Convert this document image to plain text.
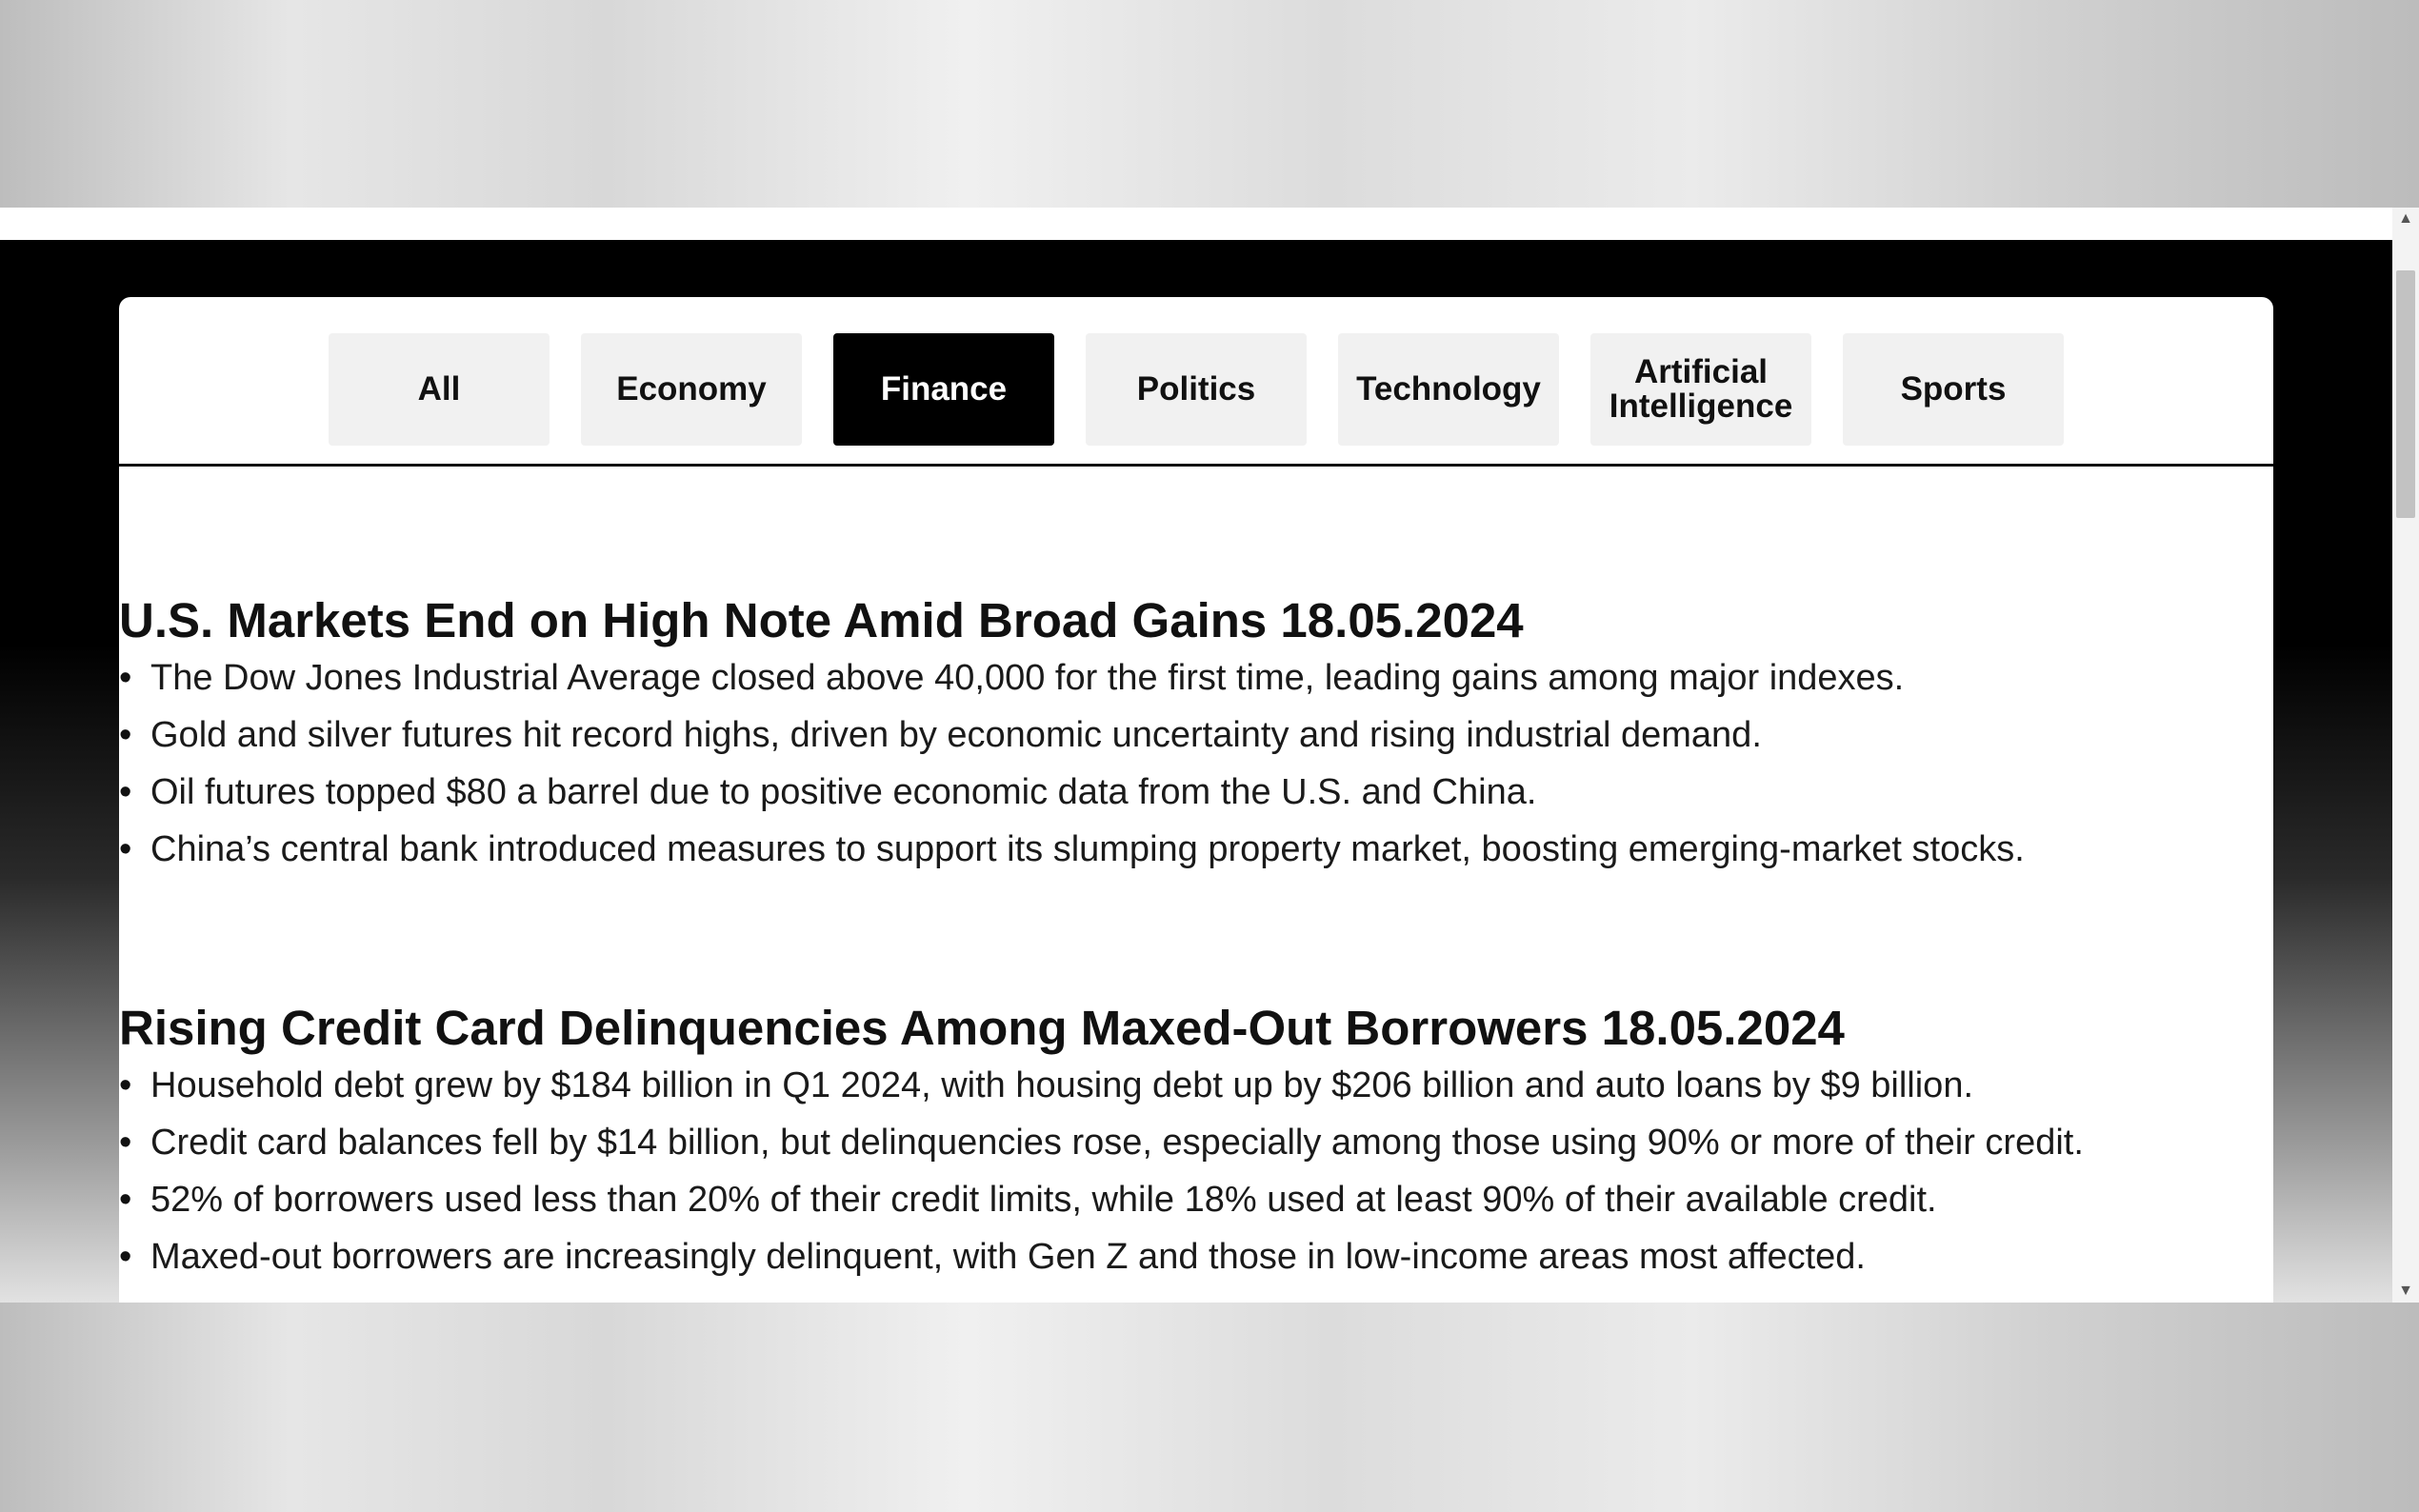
All	Economy	Finance	Politics	Technology	Artificial Intelligence	Sports
U.S. Markets End on High Note Amid Broad Gains 18.05.2024
• The Dow Jones Industrial Average closed above 40,000 for the first time, leading gains among major indexes.
• Gold and silver futures hit record highs, driven by economic uncertainty and rising industrial demand.
• Oil futures topped $80 a barrel due to positive economic data from the U.S. and China.
• China’s central bank introduced measures to support its slumping property market, boosting emerging-market stocks.
Rising Credit Card Delinquencies Among Maxed-Out Borrowers 18.05.2024
• Household debt grew by $184 billion in Q1 2024, with housing debt up by $206 billion and auto loans by $9 billion.
• Credit card balances fell by $14 billion, but delinquencies rose, especially among those using 90% or more of their credit.
• 52% of borrowers used less than 20% of their credit limits, while 18% used at least 90% of their available credit.
• Maxed-out borrowers are increasingly delinquent, with Gen Z and those in low-income areas most affected.
▲
▼
